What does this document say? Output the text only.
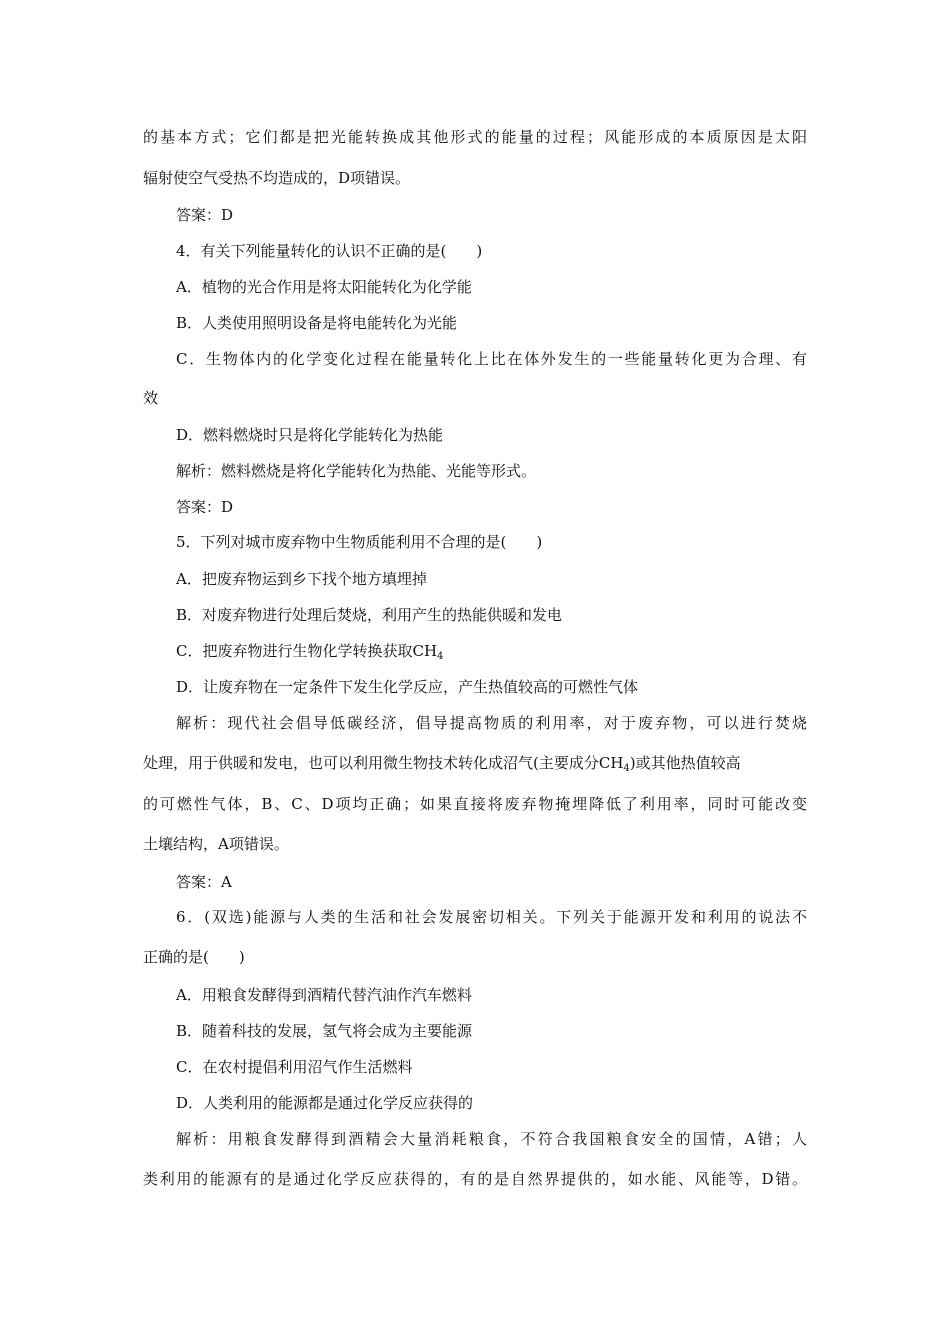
的基本方式；它们都是把光能转换成其他形式的能量的过程；风能形成的本质原因是太阳

辐射使空气受热不均造成的，D项错误。

答案：D

4．有关下列能量转化的认识不正确的是(　　)

A．植物的光合作用是将太阳能转化为化学能

B．人类使用照明设备是将电能转化为光能

C．生物体内的化学变化过程在能量转化上比在体外发生的一些能量转化更为合理、有

效

D．燃料燃烧时只是将化学能转化为热能

解析：燃料燃烧是将化学能转化为热能、光能等形式。

答案：D

5．下列对城市废弃物中生物质能利用不合理的是(　　)

A．把废弃物运到乡下找个地方填埋掉

B．对废弃物进行处理后焚烧，利用产生的热能供暖和发电

C．把废弃物进行生物化学转换获取$CH_4$

D．让废弃物在一定条件下发生化学反应，产生热值较高的可燃性气体

解析：现代社会倡导低碳经济，倡导提高物质的利用率，对于废弃物，可以进行焚烧

处理，用于供暖和发电，也可以利用微生物技术转化成沼气(主要成分$CH_4$)或其他热值较高

的可燃性气体，B、C、D项均正确；如果直接将废弃物掩埋降低了利用率，同时可能改变

土壤结构，A项错误。

答案：A

6．(双选)能源与人类的生活和社会发展密切相关。下列关于能源开发和利用的说法不

正确的是(　　)

A．用粮食发酵得到酒精代替汽油作汽车燃料

B．随着科技的发展，氢气将会成为主要能源

C．在农村提倡利用沼气作生活燃料

D．人类利用的能源都是通过化学反应获得的

解析：用粮食发酵得到酒精会大量消耗粮食，不符合我国粮食安全的国情，A错；人

类利用的能源有的是通过化学反应获得的，有的是自然界提供的，如水能、风能等，D错。
